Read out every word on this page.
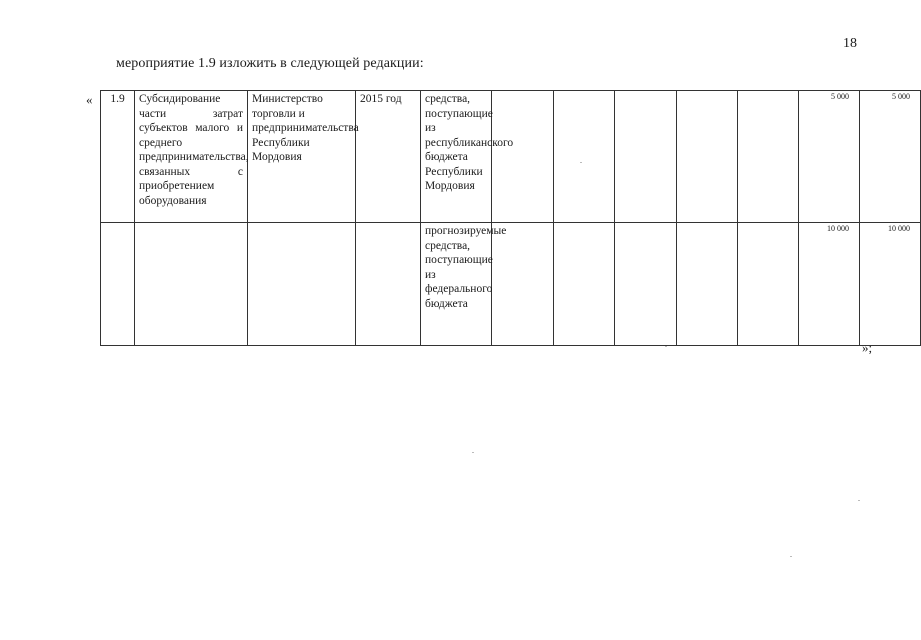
18
мероприятие 1.9 изложить в следующей редакции:
« 1.9	Субсидирование части затрат субъектов малого и среднего предпринимательства, связанных с приобретением оборудования	Министерство торговли и предпринимательства Республики Мордовия	2015 год	средства, поступающие из республиканского бюджета Республики Мордовия						5 000	5 000
				прогнозируемые средства, поступающие из федерального бюджета						10 000	10 000
»;
